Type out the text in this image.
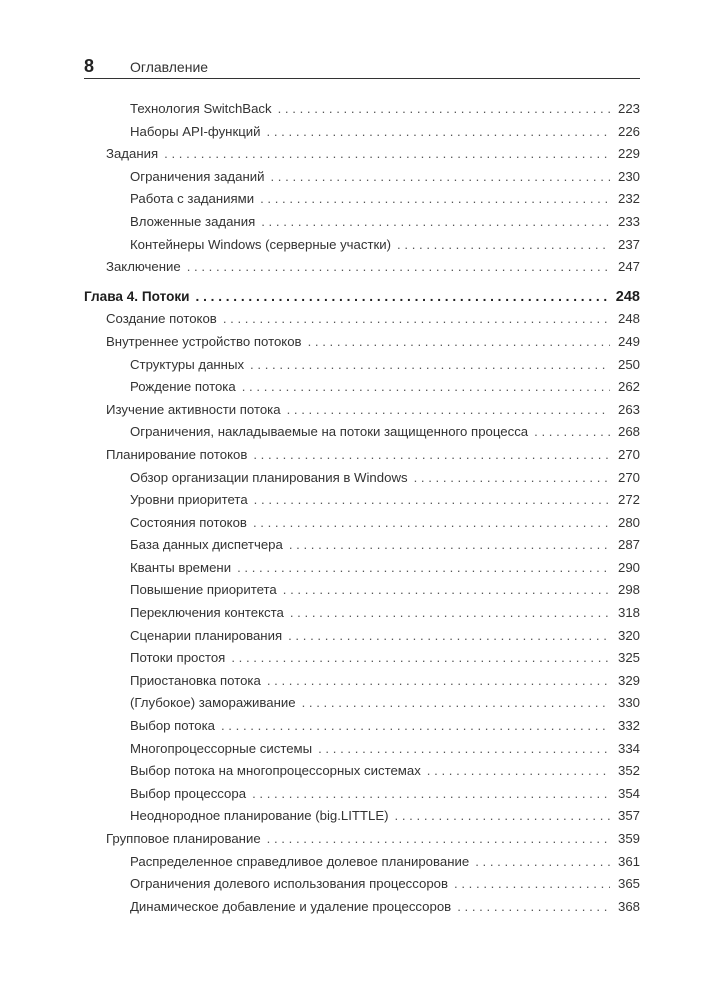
8	Оглавление
Технология SwitchBack . . .	223
Наборы API-функций . . .	226
Задания . . .	229
Ограничения заданий . . .	230
Работа с заданиями . . .	232
Вложенные задания . . .	233
Контейнеры Windows (серверные участки) . . .	237
Заключение . . .	247
Глава 4. Потоки . . .	248
Создание потоков . . .	248
Внутреннее устройство потоков . . .	249
Структуры данных . . .	250
Рождение потока . . .	262
Изучение активности потока . . .	263
Ограничения, накладываемые на потоки защищенного процесса . . .	268
Планирование потоков . . .	270
Обзор организации планирования в Windows . . .	270
Уровни приоритета . . .	272
Состояния потоков . . .	280
База данных диспетчера . . .	287
Кванты времени . . .	290
Повышение приоритета . . .	298
Переключения контекста . . .	318
Сценарии планирования . . .	320
Потоки простоя . . .	325
Приостановка потока . . .	329
(Глубокое) замораживание . . .	330
Выбор потока . . .	332
Многопроцессорные системы . . .	334
Выбор потока на многопроцессорных системах . . .	352
Выбор процессора . . .	354
Неоднородное планирование (big.LITTLE) . . .	357
Групповое планирование . . .	359
Распределенное справедливое долевое планирование . . .	361
Ограничения долевого использования процессоров . . .	365
Динамическое добавление и удаление процессоров . . .	368
